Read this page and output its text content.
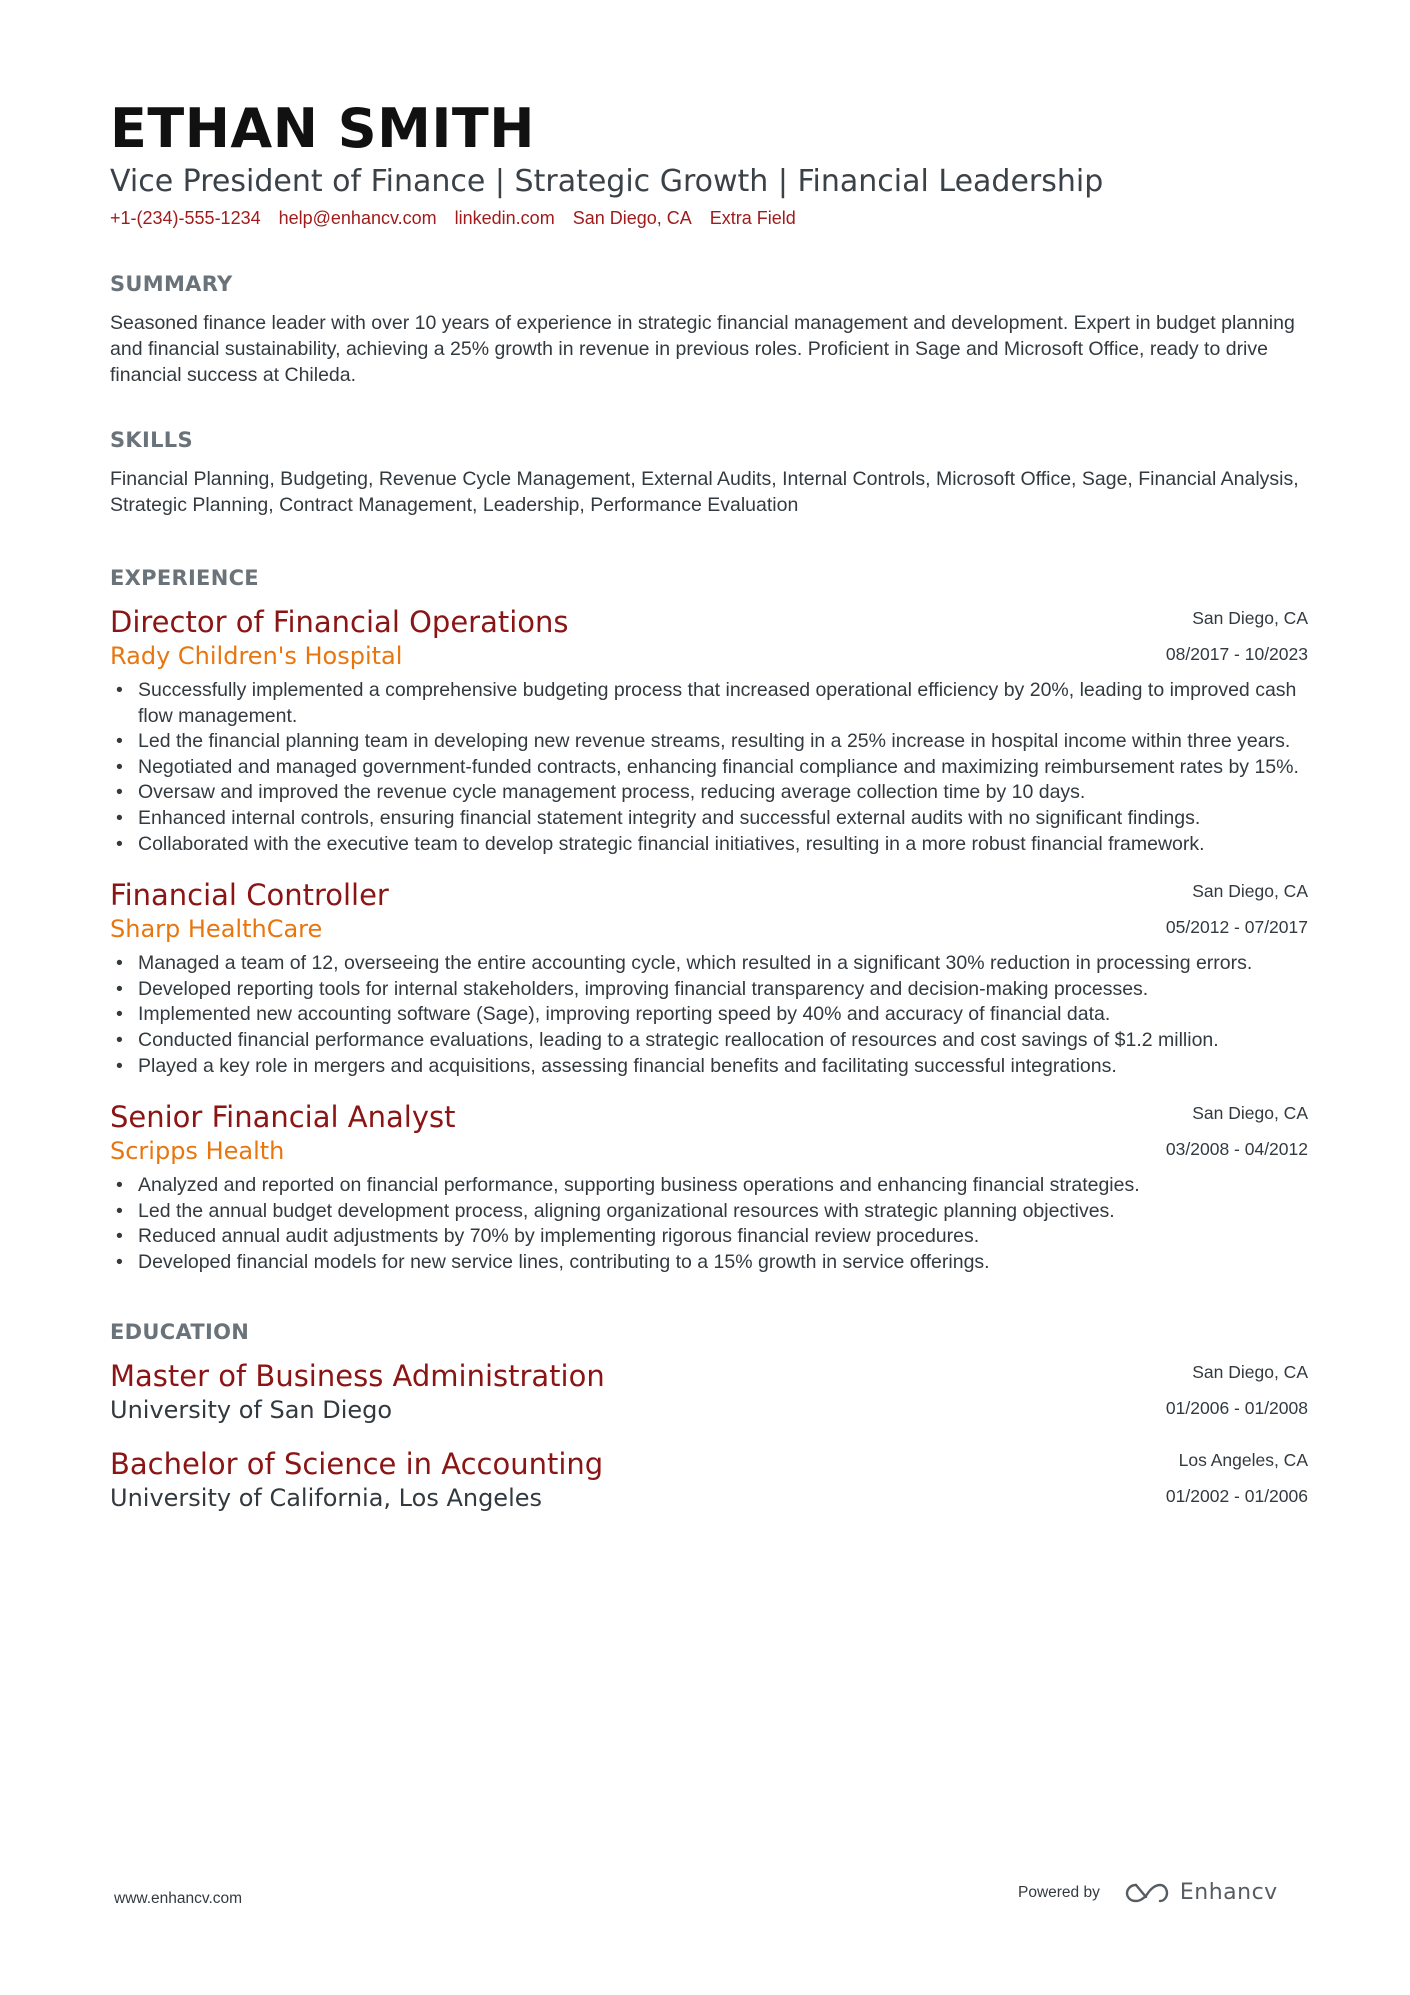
ETHAN SMITH
Vice President of Finance | Strategic Growth | Financial Leadership
+1-(234)-555-1234 help@enhancv.com linkedin.com San Diego, CA Extra Field
SUMMARY
Seasoned finance leader with over 10 years of experience in strategic financial management and development. Expert in budget planning and financial sustainability, achieving a 25% growth in revenue in previous roles. Proficient in Sage and Microsoft Office, ready to drive financial success at Chileda.
SKILLS
Financial Planning, Budgeting, Revenue Cycle Management, External Audits, Internal Controls, Microsoft Office, Sage, Financial Analysis, Strategic Planning, Contract Management, Leadership, Performance Evaluation
EXPERIENCE
Director of Financial Operations
Rady Children's Hospital
San Diego, CA
08/2017 - 10/2023
• Successfully implemented a comprehensive budgeting process that increased operational efficiency by 20%, leading to improved cash flow management.
• Led the financial planning team in developing new revenue streams, resulting in a 25% increase in hospital income within three years.
• Negotiated and managed government-funded contracts, enhancing financial compliance and maximizing reimbursement rates by 15%.
• Oversaw and improved the revenue cycle management process, reducing average collection time by 10 days.
• Enhanced internal controls, ensuring financial statement integrity and successful external audits with no significant findings.
• Collaborated with the executive team to develop strategic financial initiatives, resulting in a more robust financial framework.
Financial Controller
Sharp HealthCare
San Diego, CA
05/2012 - 07/2017
• Managed a team of 12, overseeing the entire accounting cycle, which resulted in a significant 30% reduction in processing errors.
• Developed reporting tools for internal stakeholders, improving financial transparency and decision-making processes.
• Implemented new accounting software (Sage), improving reporting speed by 40% and accuracy of financial data.
• Conducted financial performance evaluations, leading to a strategic reallocation of resources and cost savings of $1.2 million.
• Played a key role in mergers and acquisitions, assessing financial benefits and facilitating successful integrations.
Senior Financial Analyst
Scripps Health
San Diego, CA
03/2008 - 04/2012
• Analyzed and reported on financial performance, supporting business operations and enhancing financial strategies.
• Led the annual budget development process, aligning organizational resources with strategic planning objectives.
• Reduced annual audit adjustments by 70% by implementing rigorous financial review procedures.
• Developed financial models for new service lines, contributing to a 15% growth in service offerings.
EDUCATION
Master of Business Administration
University of San Diego
San Diego, CA
01/2006 - 01/2008
Bachelor of Science in Accounting
University of California, Los Angeles
Los Angeles, CA
01/2002 - 01/2006
www.enhancv.com	Powered by	Enhancv
